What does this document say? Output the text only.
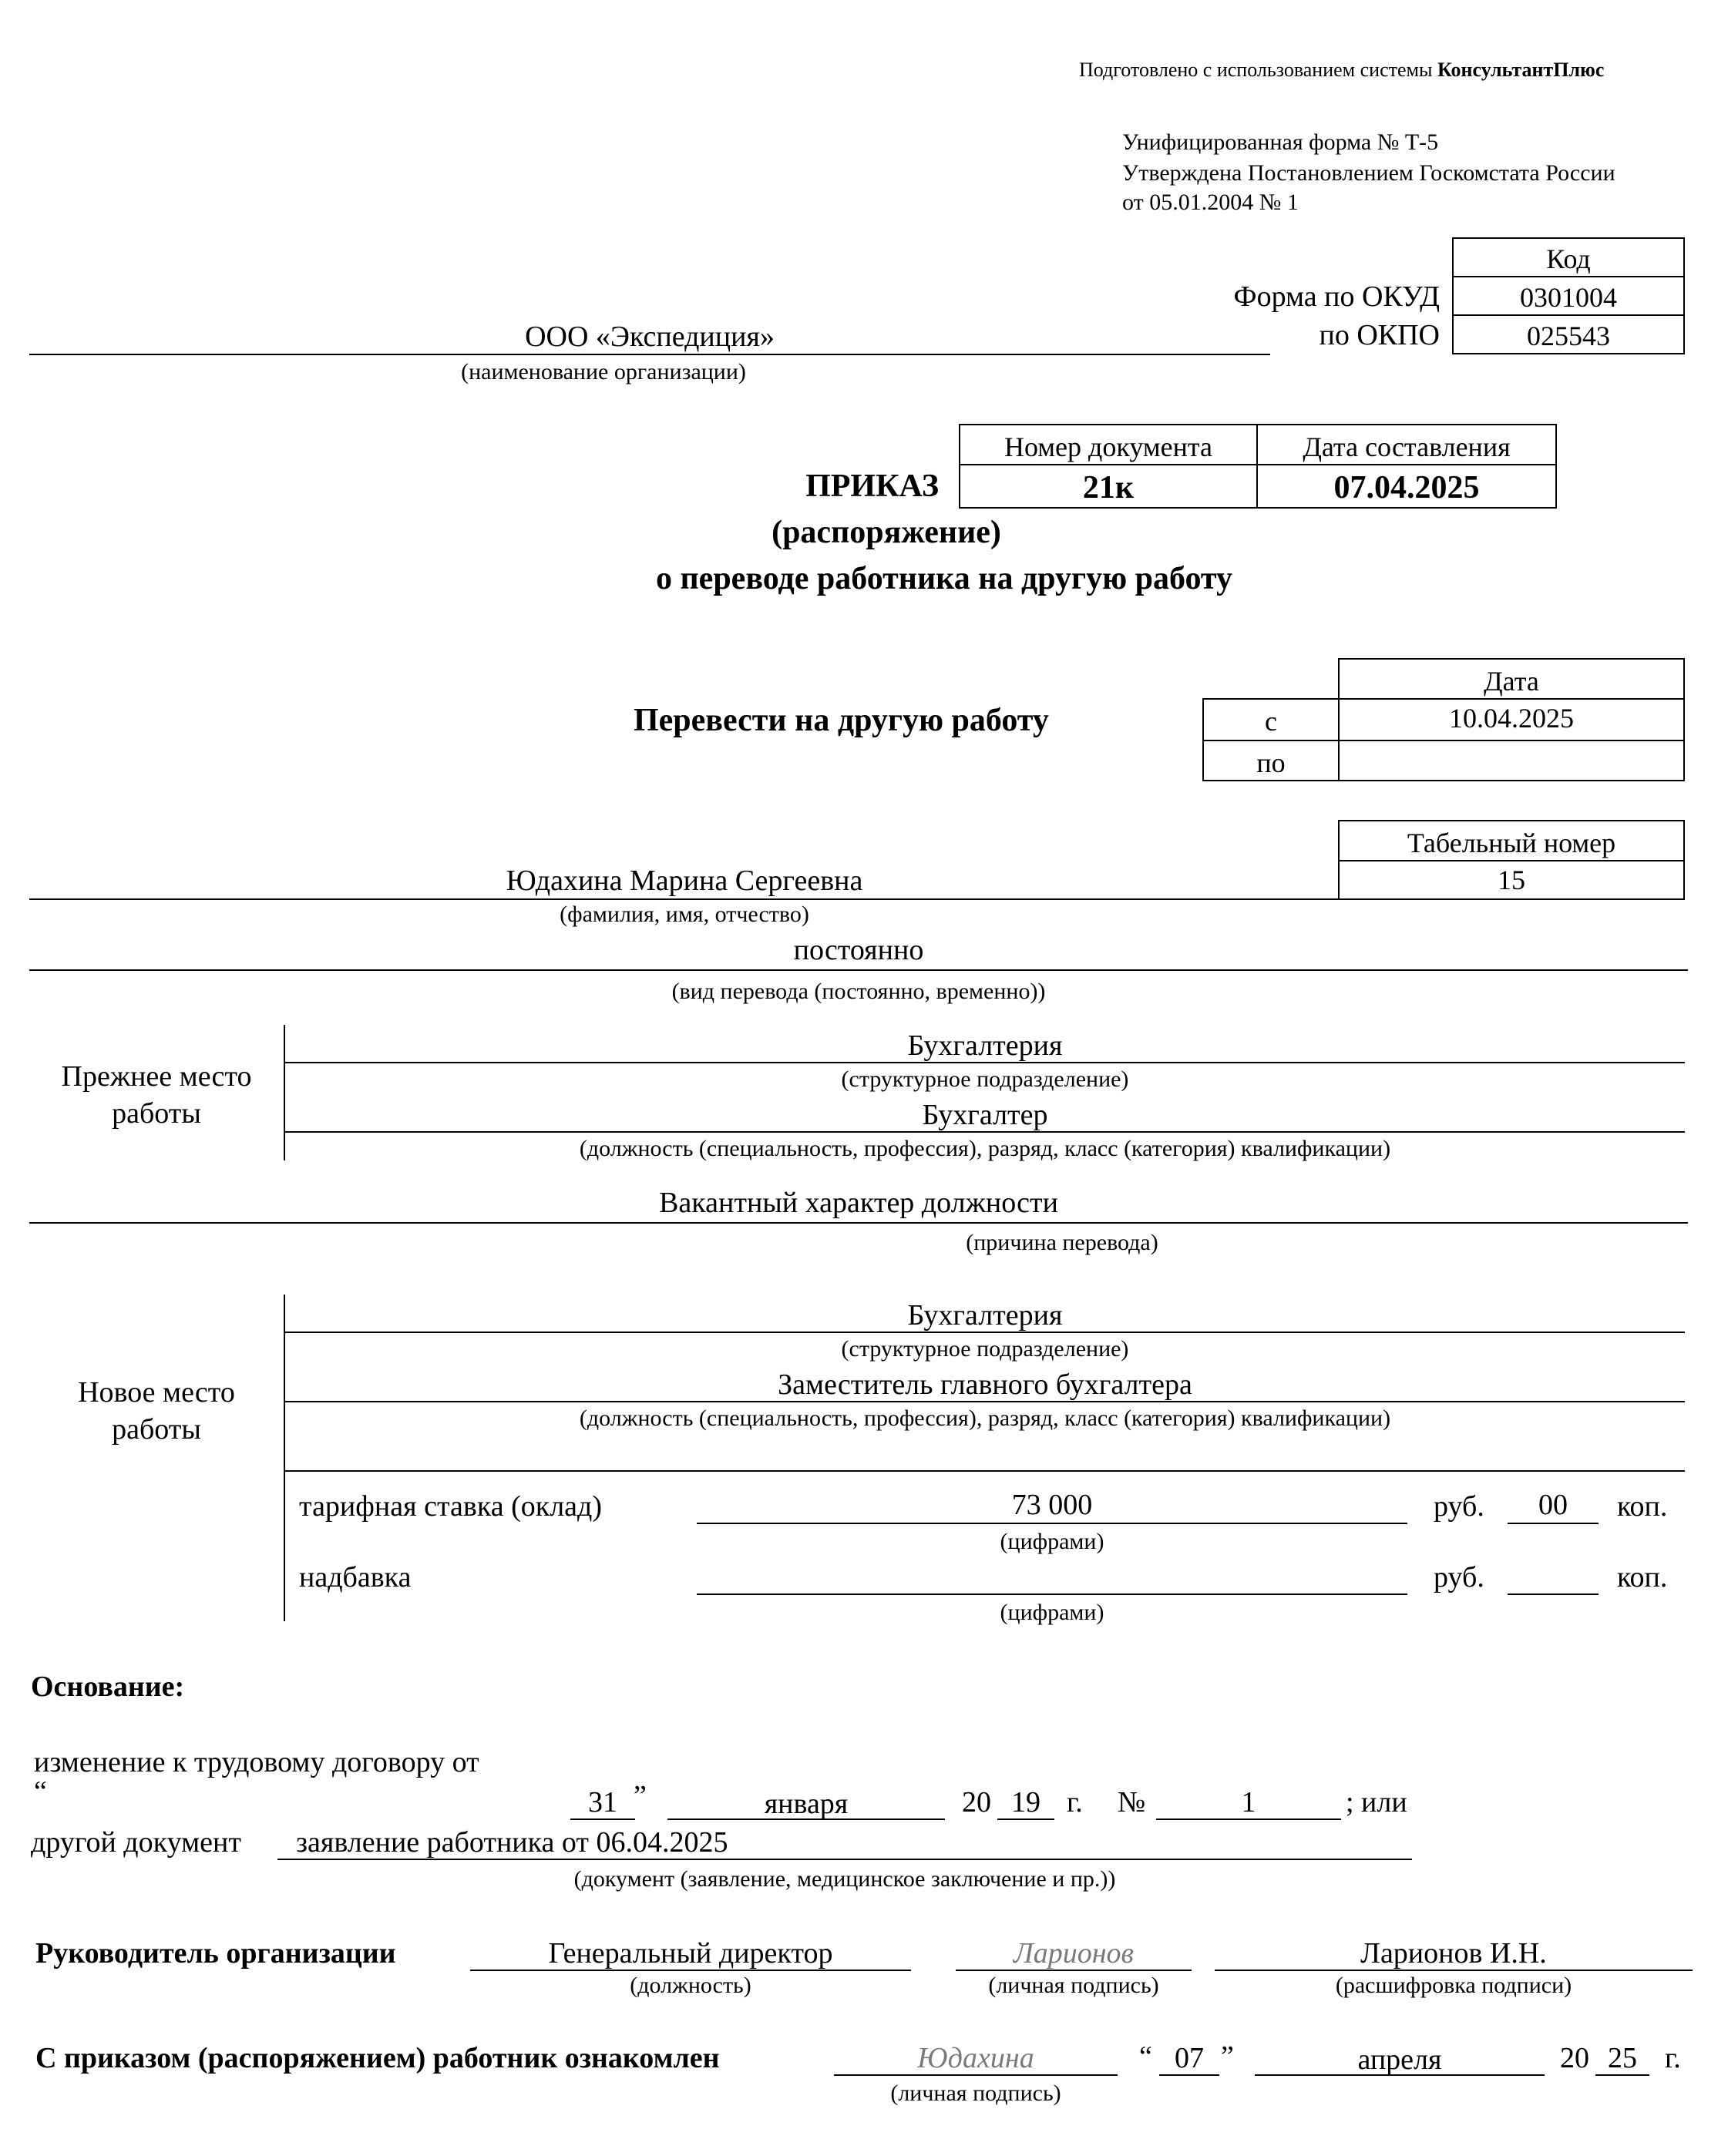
Подготовлено с использованием системы КонсультантПлюс
Унифицированная форма № Т-5
Утверждена Постановлением Госкомстата России
от 05.01.2004 № 1
Код
0301004
025543
Форма по ОКУД
по ОКПО
ООО «Экспедиция»
(наименование организации)
Номер документа	Дата составления
21к	07.04.2025
ПРИКАЗ
(распоряжение)
о переводе работника на другую работу
Дата
с	10.04.2025
по
Перевести на другую работу
Табельный номер
15
Юдахина Марина Сергеевна
(фамилия, имя, отчество)
постоянно
(вид перевода (постоянно, временно))
Прежнее место
работы
Бухгалтерия
(структурное подразделение)
Бухгалтер
(должность (специальность, профессия), разряд, класс (категория) квалификации)
Вакантный характер должности
(причина перевода)
Новое место
работы
Бухгалтерия
(структурное подразделение)
Заместитель главного бухгалтера
(должность (специальность, профессия), разряд, класс (категория) квалификации)
тарифная ставка (оклад)	73 000	руб.	00	коп.
(цифрами)
надбавка	руб.	коп.
(цифрами)
Основание:
изменение к трудовому договору от
“	31 ”	января	20 19 г. №	1	; или
другой документ заявление работника от 06.04.2025
(документ (заявление, медицинское заключение и пр.))
Руководитель организации	Генеральный директор
(должность)
Ларионов
(личная подпись)
Ларионов И.Н.
(расшифровка подписи)
С приказом (распоряжением) работник ознакомлен	Юдахина
(личная подпись)
“ 07 ”	апреля	20 25 г.
